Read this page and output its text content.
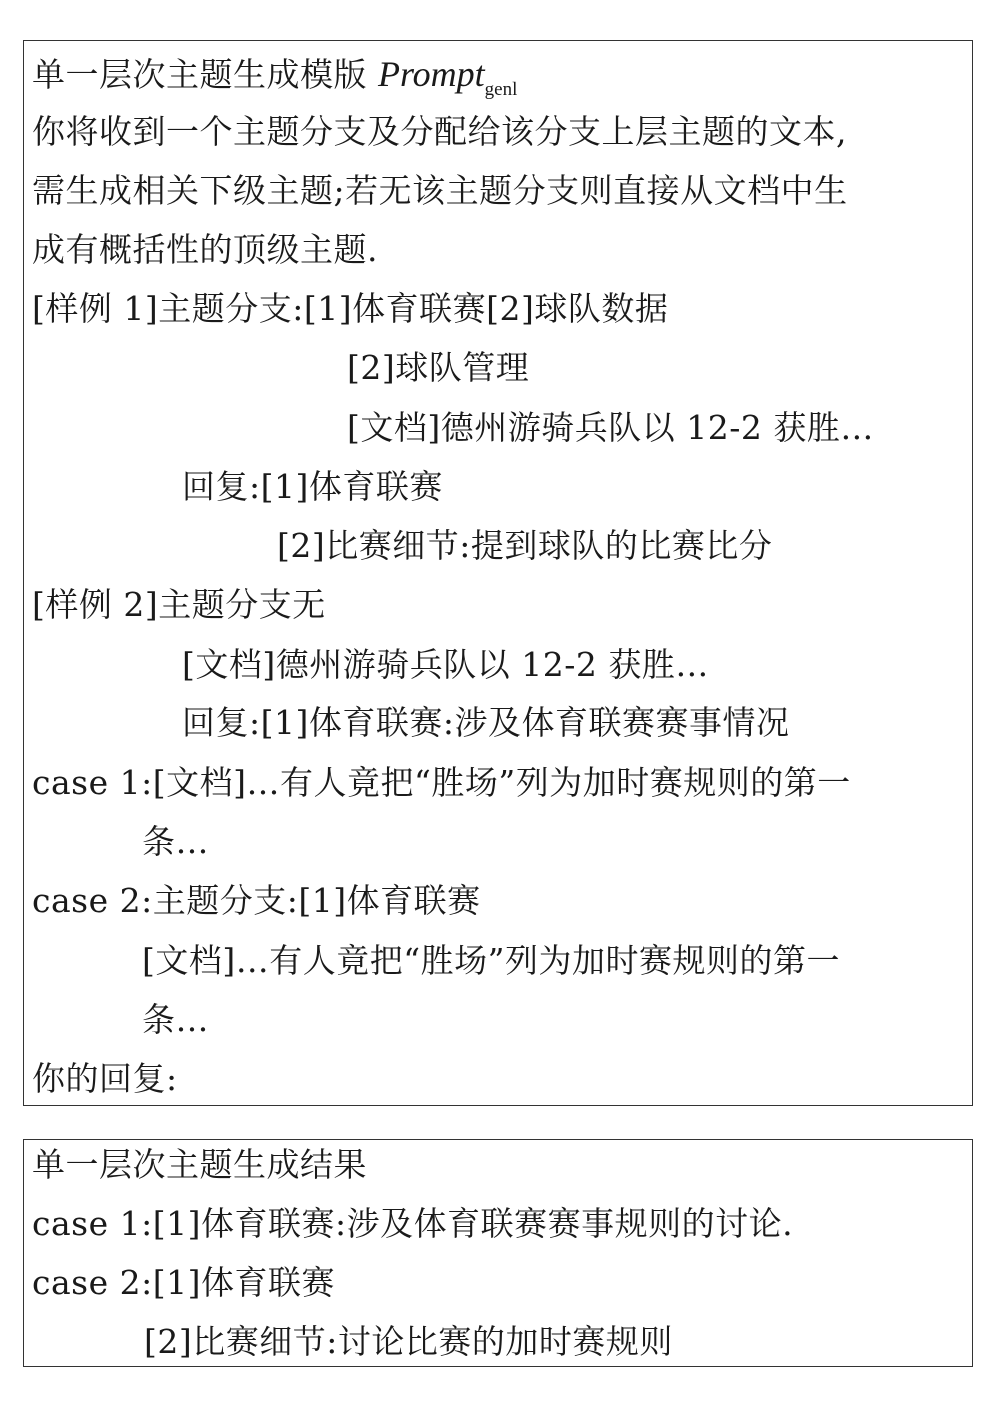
单一层次主题生成模版 Prompt$_{genl}$
你将收到一个主题分支及分配给该分支上层主题的文本,
需生成相关下级主题;若无该主题分支则直接从文档中生
成有概括性的顶级主题.
[样例 1]主题分支:[1]体育联赛[2]球队数据
[2]球队管理
[文档]德州游骑兵队以 12-2 获胜…
回复:[1]体育联赛
[2]比赛细节:提到球队的比赛比分
[样例 2]主题分支无
[文档]德州游骑兵队以 12-2 获胜…
回复:[1]体育联赛:涉及体育联赛赛事情况
case 1:[文档]…有人竟把“胜场”列为加时赛规则的第一
条…
case 2:主题分支:[1]体育联赛
[文档]…有人竟把“胜场”列为加时赛规则的第一
条…
你的回复:
单一层次主题生成结果
case 1:[1]体育联赛:涉及体育联赛赛事规则的讨论.
case 2:[1]体育联赛
[2]比赛细节:讨论比赛的加时赛规则
